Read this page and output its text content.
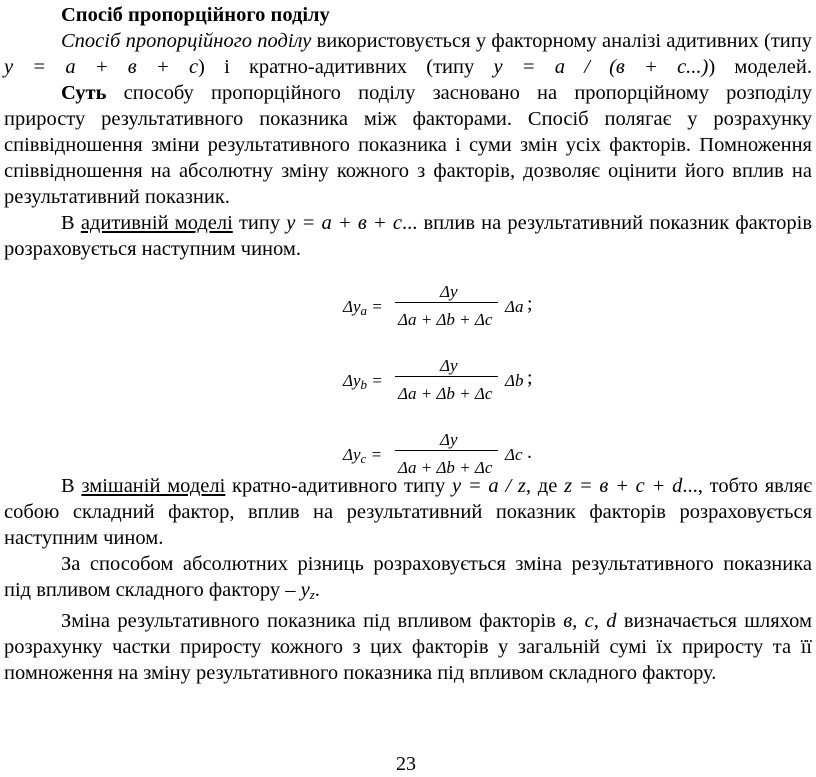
Спосіб пропорційного поділу

Спосіб пропорційного поділу використовується у факторному аналізі адитивних (типу у = а + в + с) і кратно-адитивних (типу у = а / (в + с...)) моделей.

Суть способу пропорційного поділу засновано на пропорційному розподілу приросту результативного показника між факторами. Спосіб полягає у розрахунку співвідношення зміни результативного показника і суми змін усіх факторів. Помноження співвідношення на абсолютну зміну кожного з факторів, дозволяє оцінити його вплив на результативний показник.

В адитивній моделі типу у = а + в + с... вплив на результативний показник факторів розраховується наступним чином.

$\Delta y_a$ =
Δy
Δa + Δb + Δc
Δa ;
$\Delta y_b$ =
Δy
Δa + Δb + Δc
Δb ;
$\Delta y_c$ =
Δy
Δa + Δb + Δc
Δc .

В змішаній моделі кратно-адитивного типу у = а / z, де z = в + с + d..., тобто являє собою складний фактор, вплив на результативний показник факторів розраховується наступним чином.

За способом абсолютних різниць розраховується зміна результативного показника під впливом складного фактору – $у_z$.

Зміна результативного показника під впливом факторів в, с, d визначається шляхом розрахунку частки приросту кожного з цих факторів у загальній сумі їх приросту та її помноження на зміну результативного показника під впливом складного фактору.

23
